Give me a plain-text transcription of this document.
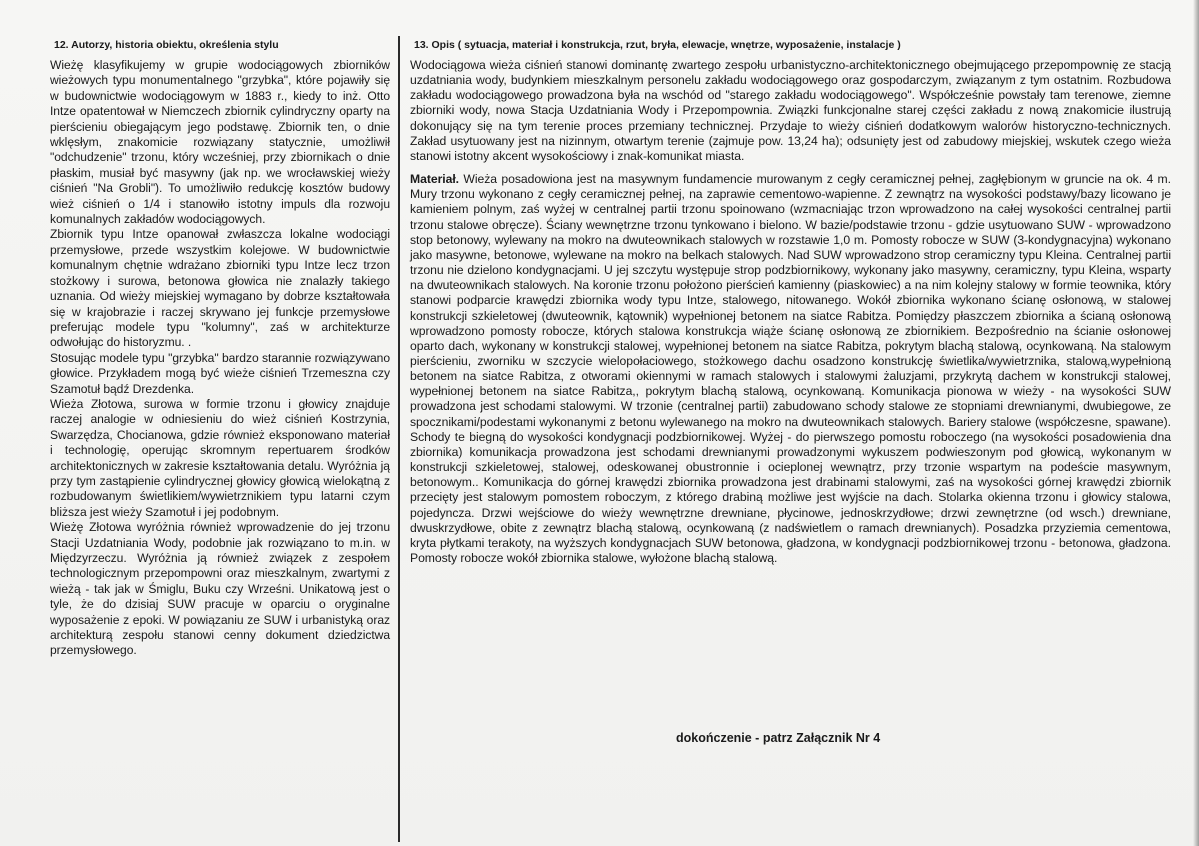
12. Autorzy, historia obiektu, określenia stylu

Wieżę klasyfikujemy w grupie wodociągowych zbiorników wieżowych typu monumentalnego "grzybka", które pojawiły się w budownictwie wodociągowym w 1883 r., kiedy to inż. Otto Intze opatentował w Niemczech zbiornik cylindryczny oparty na pierścieniu obiegającym jego podstawę. Zbiornik ten, o dnie wklęsłym, znakomicie rozwiązany statycznie, umożliwił "odchudzenie" trzonu, który wcześniej, przy zbiornikach o dnie płaskim, musiał być masywny (jak np. we wrocławskiej wieży ciśnień "Na Grobli"). To umożliwiło redukcję kosztów budowy wież ciśnień o 1/4 i stanowiło istotny impuls dla rozwoju komunalnych zakładów wodociągowych.

Zbiornik typu Intze opanował zwłaszcza lokalne wodociągi przemysłowe, przede wszystkim kolejowe. W budownictwie komunalnym chętnie wdrażano zbiorniki typu Intze lecz trzon stożkowy i surowa, betonowa głowica nie znalazły takiego uznania. Od wieży miejskiej wymagano by dobrze kształtowała się w krajobrazie i raczej skrywano jej funkcje przemysłowe preferując modele typu "kolumny", zaś w architekturze odwołując do historyzmu. .

Stosując modele typu "grzybka" bardzo starannie rozwiązywano głowice. Przykładem mogą być wieże ciśnień Trzemeszna czy Szamotuł bądź Drezdenka.

Wieża Złotowa, surowa w formie trzonu i głowicy znajduje raczej analogie w odniesieniu do wież ciśnień Kostrzynia, Swarzędza, Chocianowa, gdzie również eksponowano materiał i technologię, operując skromnym repertuarem środków architektonicznych w zakresie kształtowania detalu. Wyróżnia ją przy tym zastąpienie cylindrycznej głowicy głowicą wielokątną z rozbudowanym świetlikiem/wywietrznikiem typu latarni czym bliższa jest wieży Szamotuł i jej podobnym.

Wieżę Złotowa wyróżnia również wprowadzenie do jej trzonu Stacji Uzdatniania Wody, podobnie jak rozwiązano to m.in. w Międzyrzeczu. Wyróżnia ją również związek z zespołem technologicznym przepompowni oraz mieszkalnym, zwartymi z wieżą - tak jak w Śmiglu, Buku czy Wrześni. Unikatową jest o tyle, że do dzisiaj SUW pracuje w oparciu o oryginalne wyposażenie z epoki. W powiązaniu ze SUW i urbanistyką oraz architekturą zespołu stanowi cenny dokument dziedzictwa przemysłowego.

13. Opis ( sytuacja, materiał i konstrukcja, rzut, bryła, elewacje, wnętrze, wyposażenie, instalacje )

Wodociągowa wieża ciśnień stanowi dominantę zwartego zespołu urbanistyczno-architektonicznego obejmującego przepompownię ze stacją uzdatniania wody, budynkiem mieszkalnym personelu zakładu wodociągowego oraz gospodarczym, związanym z tym ostatnim. Rozbudowa zakładu wodociągowego prowadzona była na wschód od "starego zakładu wodociągowego". Współcześnie powstały tam terenowe, ziemne zbiorniki wody, nowa Stacja Uzdatniania Wody i Przepompownia. Związki funkcjonalne starej części zakładu z nową znakomicie ilustrują dokonujący się na tym terenie proces przemiany technicznej. Przydaje to wieży ciśnień dodatkowym walorów historyczno-technicznych. Zakład usytuowany jest na nizinnym, otwartym terenie (zajmuje pow. 13,24 ha); odsunięty jest od zabudowy miejskiej, wskutek czego wieża stanowi istotny akcent wysokościowy i znak-komunikat miasta.

Materiał. Wieża posadowiona jest na masywnym fundamencie murowanym z cegły ceramicznej pełnej, zagłębionym w gruncie na ok. 4 m. Mury trzonu wykonano z cegły ceramicznej pełnej, na zaprawie cementowo-wapienne. Z zewnątrz na wysokości podstawy/bazy licowano je kamieniem polnym, zaś wyżej w centralnej partii trzonu spoinowano (wzmacniając trzon wprowadzono na całej wysokości centralnej partii trzonu stalowe obręcze). Ściany wewnętrzne trzonu tynkowano i bielono. W bazie/podstawie trzonu - gdzie usytuowano SUW - wprowadzono stop betonowy, wylewany na mokro na dwuteownikach stalowych w rozstawie 1,0 m. Pomosty robocze w SUW (3-kondygnacyjna) wykonano jako masywne, betonowe, wylewane na mokro na belkach stalowych. Nad SUW wprowadzono strop ceramiczny typu Kleina. Centralnej partii trzonu nie dzielono kondygnacjami. U jej szczytu występuje strop podzbiornikowy, wykonany jako masywny, ceramiczny, typu Kleina, wsparty na dwuteownikach stalowych. Na koronie trzonu położono pierścień kamienny (piaskowiec) a na nim kolejny stalowy w formie teownika, który stanowi podparcie krawędzi zbiornika wody typu Intze, stalowego, nitowanego. Wokół zbiornika wykonano ścianę osłonową, w stalowej konstrukcji szkieletowej (dwuteownik, kątownik) wypełnionej betonem na siatce Rabitza. Pomiędzy płaszczem zbiornika a ścianą osłonową wprowadzono pomosty robocze, których stalowa konstrukcja wiąże ścianę osłonową ze zbiornikiem. Bezpośrednio na ścianie osłonowej oparto dach, wykonany w konstrukcji stalowej, wypełnionej betonem na siatce Rabitza, pokrytym blachą stalową, ocynkowaną. Na stalowym pierścieniu, zworniku w szczycie wielopołaciowego, stożkowego dachu osadzono konstrukcję świetlika/wywietrznika, stalową,wypełnioną betonem na siatce Rabitza, z otworami okiennymi w ramach stalowych i stalowymi żaluzjami, przykrytą dachem w konstrukcji stalowej, wypełnionej betonem na siatce Rabitza,, pokrytym blachą stalową, ocynkowaną. Komunikacja pionowa w wieży - na wysokości SUW prowadzona jest schodami stalowymi. W trzonie (centralnej partii) zabudowano schody stalowe ze stopniami drewnianymi, dwubiegowe, ze spocznikami/podestami wykonanymi z betonu wylewanego na mokro na dwuteownikach stalowych. Bariery stalowe (współczesne, spawane). Schody te biegną do wysokości kondygnacji podzbiornikowej. Wyżej - do pierwszego pomostu roboczego (na wysokości posadowienia dna zbiornika) komunikacja prowadzona jest schodami drewnianymi prowadzonymi wykuszem podwieszonym pod głowicą, wykonanym w konstrukcji szkieletowej, stalowej, odeskowanej obustronnie i ocieplonej wewnątrz, przy trzonie wspartym na podeście masywnym, betonowym.. Komunikacja do górnej krawędzi zbiornika prowadzona jest drabinami stalowymi, zaś na wysokości górnej krawędzi zbiornik przecięty jest stalowym pomostem roboczym, z którego drabiną możliwe jest wyjście na dach. Stolarka okienna trzonu i głowicy stalowa, pojedyncza. Drzwi wejściowe do wieży wewnętrzne drewniane, płycinowe, jednoskrzydłowe; drzwi zewnętrzne (od wsch.) drewniane, dwuskrzydłowe, obite z zewnątrz blachą stalową, ocynkowaną (z nadświetlem o ramach drewnianych). Posadzka przyziemia cementowa, kryta płytkami terakoty, na wyższych kondygnacjach SUW betonowa, gładzona, w kondygnacji podzbiornikowej trzonu - betonowa, gładzona. Pomosty robocze wokół zbiornika stalowe, wyłożone blachą stalową.

dokończenie - patrz Załącznik Nr 4
